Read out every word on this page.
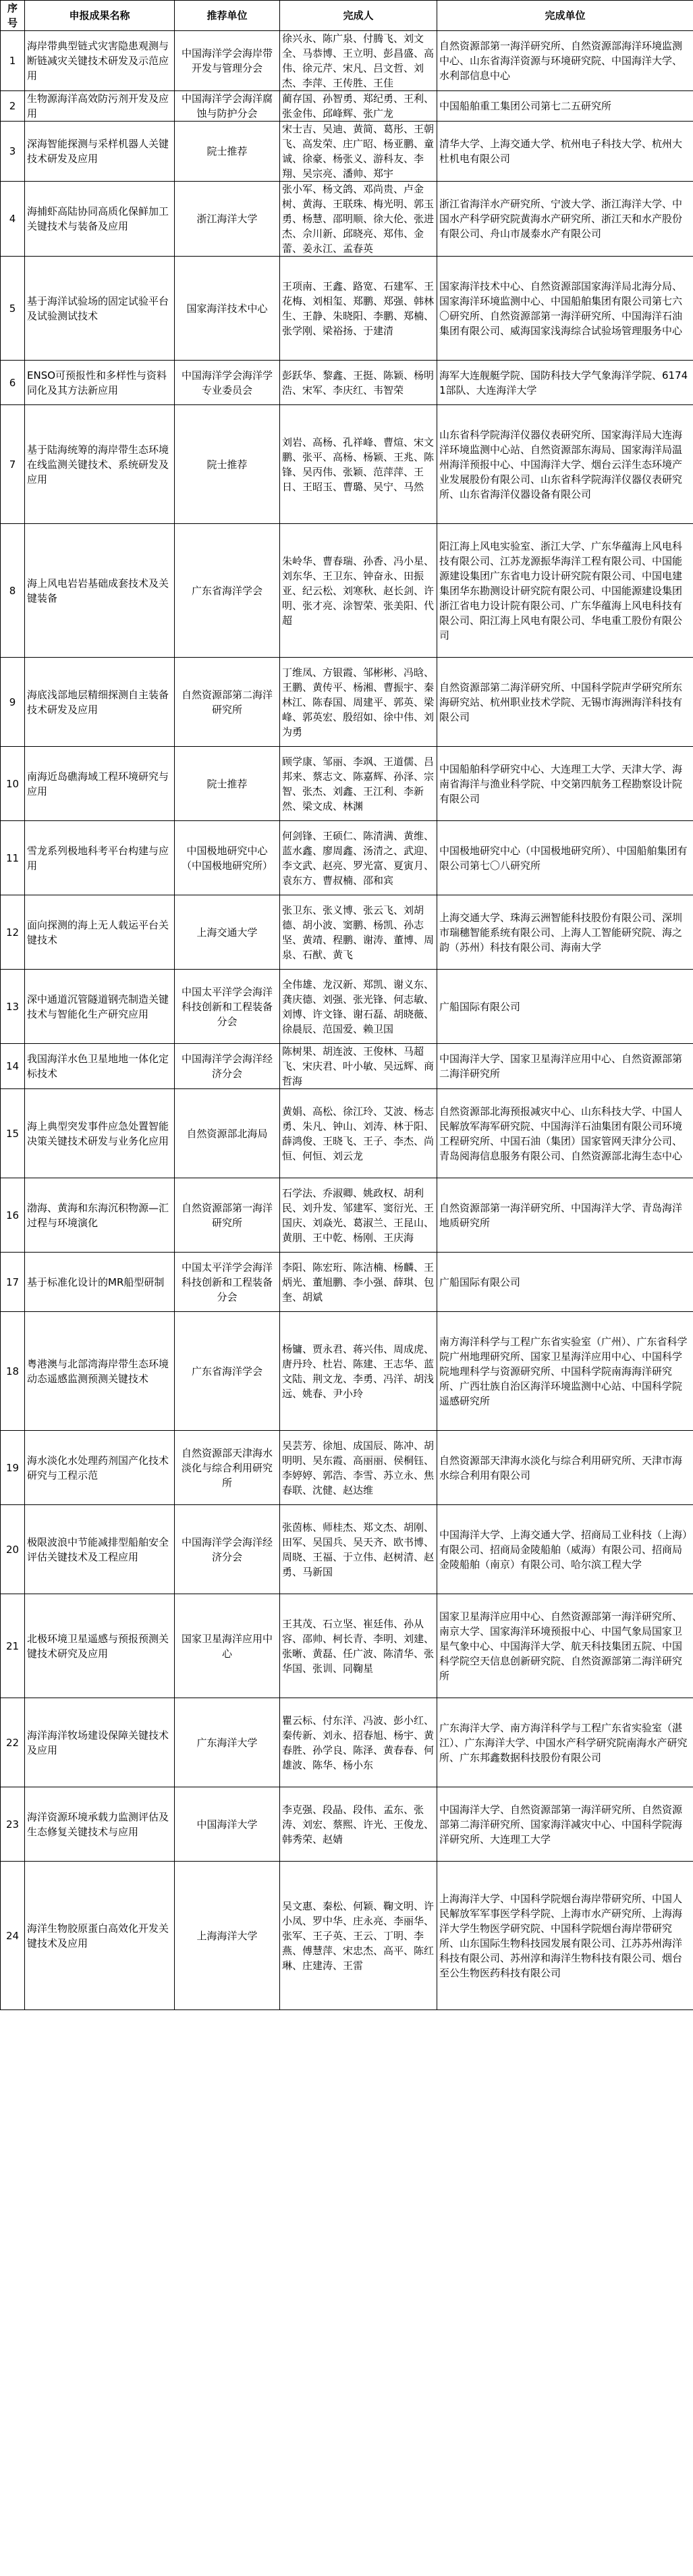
序号	申报成果名称	推荐单位	完成人	完成单位
1	海岸带典型链式灾害隐患观测与断链减灾关键技术研发及示范应用	中国海洋学会海岸带开发与管理分会	徐兴永、陈广泉、付腾飞、刘文全、马恭博、王立明、彭昌盛、高伟、徐元芹、宋凡、吕文哲、刘杰、李萍、王传胜、王佳	自然资源部第一海洋研究所、自然资源部海洋环境监测中心、山东省海洋资源与环境研究院、中国海洋大学、水利部信息中心
2	生物源海洋高效防污剂开发及应用	中国海洋学会海洋腐蚀与防护分会	蔺存国、孙智勇、郑纪勇、王利、张金伟、邱峰辉、张广龙	中国船舶重工集团公司第七二五研究所
3	深海智能探测与采样机器人关键技术研发及应用	院士推荐	宋士吉、吴迪、黄简、葛彤、王朝飞、高发荣、庄广昭、杨亚鹏、童诚、徐豪、杨张义、游科友、李翔、吴宗亮、潘帅、郑宇	清华大学、上海交通大学、杭州电子科技大学、杭州大杜机电有限公司
4	海捕虾高陆协同高质化保鲜加工关键技术与装备及应用	浙江海洋大学	张小军、杨文鸽、邓尚贵、卢金树、黄海、王联珠、梅光明、郭玉勇、杨慧、邵明顺、徐大伦、张进杰、佘川新、邱晓亮、郑伟、金蕾、姜永江、孟春英	浙江省海洋水产研究所、宁波大学、浙江海洋大学、中国水产科学研究院黄海水产研究所、浙江天和水产股份有限公司、舟山市晟泰水产有限公司
5	基于海洋试验场的固定试验平台及试验测试技术	国家海洋技术中心	王项南、王鑫、路宽、石建军、王花梅、刘相玺、郑鹏、郑强、韩林生、王静、朱晓阳、李鹏、郑楠、张学刚、梁裕扬、于建清	国家海洋技术中心、自然资源部国家海洋局北海分局、国家海洋环境监测中心、中国船舶集团有限公司第七六〇研究所、自然资源部第一海洋研究所、中国海洋石油集团有限公司、威海国家浅海综合试验场管理服务中心
6	ENSO可预报性和多样性与资料同化及其方法新应用	中国海洋学会海洋学专业委员会	彭跃华、黎鑫、王挺、陈颖、杨明浩、宋军、李庆红、韦智荣	海军大连舰艇学院、国防科技大学气象海洋学院、61741部队、大连海洋大学
7	基于陆海统筹的海岸带生态环境在线监测关键技术、系统研发及应用	院士推荐	刘岩、高杨、孔祥峰、曹煊、宋文鹏、张平、高杨、杨颖、王兆、陈锋、吴丙伟、张颖、范萍萍、王日、王昭玉、曹璐、吴宁、马然	山东省科学院海洋仪器仪表研究所、国家海洋局大连海洋环境监测中心站、自然资源部东海局、国家海洋局温州海洋预报中心、中国海洋大学、烟台云洋生态环境产业发展股份有限公司、山东省科学院海洋仪器仪表研究所、山东省海洋仪器设备有限公司
8	海上风电岩岩基础成套技术及关键装备	广东省海洋学会	朱岭华、曹春瑞、孙香、冯小星、刘东华、王卫东、钟奋永、田振亚、纪云松、刘寒秋、赵长剑、许明、张才亮、涂智荣、张美阳、代超	阳江海上风电实验室、浙江大学、广东华蕴海上风电科技有限公司、江苏龙源振华海洋工程有限公司、中国能源建设集团广东省电力设计研究院有限公司、中国电建集团华东勘测设计研究院有限公司、中国能源建设集团浙江省电力设计院有限公司、广东华蕴海上风电科技有限公司、阳江海上风电有限公司、华电重工股份有限公司
9	海底浅部地层精细探测自主装备技术研发及应用	自然资源部第二海洋研究所	丁维凤、方银霞、邹彬彬、冯晗、王鹏、黄传平、杨湘、曹振宇、秦林江、陈春国、周建平、郭英、梁峰、郭英宏、殷绍如、徐中伟、刘为勇	自然资源部第二海洋研究所、中国科学院声学研究所东海研究站、杭州职业技术学院、无锡市海洲海洋科技有限公司
10	南海近岛礁海域工程环境研究与应用	院士推荐	顾学康、邹丽、李飒、王道儒、吕邦来、蔡志文、陈嘉辉、孙泽、宗智、张杰、刘鑫、王江利、李新然、梁文成、林渊	中国船舶科学研究中心、大连理工大学、天津大学、海南省海洋与渔业科学院、中交第四航务工程勘察设计院有限公司
11	雪龙系列极地科考平台构建与应用	中国极地研究中心（中国极地研究所）	何剑锋、王硕仁、陈清满、黄维、蓝水鑫、廖周鑫、汤清之、武迎、李文武、赵亮、罗光富、夏寅月、袁东方、曹叔楠、邵和宾	中国极地研究中心（中国极地研究所）、中国船舶集团有限公司第七〇八研究所
12	面向探测的海上无人载运平台关键技术	上海交通大学	张卫东、张义博、张云飞、刘胡德、胡小波、窦鹏、杨凯、孙志坚、黄靖、程鹏、谢涛、董博、周泉、石猷、黄飞	上海交通大学、珠海云洲智能科技股份有限公司、深圳市瑞穗智能系统有限公司、上海人工智能研究院、海之韵（苏州）科技有限公司、海南大学
13	深中通道沉管隧道钢壳制造关键技术与智能化生产研究应用	中国太平洋学会海洋科技创新和工程装备分会	全伟雄、龙汉新、郑凯、谢义东、龚庆德、刘强、张光锋、何志敏、刘博、许文锋、谢石磊、胡晓薇、徐晨辰、范国爱、赖卫国	广船国际有限公司
14	我国海洋水色卫星地地一体化定标技术	中国海洋学会海洋经济分会	陈树果、胡连波、王俊林、马超飞、宋庆君、叶小敏、吴远辉、商哲海	中国海洋大学、国家卫星海洋应用中心、自然资源部第二海洋研究所
15	海上典型突发事件应急处置智能决策关键技术研发与业务化应用	自然资源部北海局	黄娟、高松、徐江玲、艾波、杨志勇、朱凡、钟山、刘涛、林于阳、薛鸿俊、王晓飞、王子、李杰、尚恒、何恒、刘云龙	自然资源部北海预报减灾中心、山东科技大学、中国人民解放军海军研究院、中国海洋石油集团有限公司环境工程研究所、中国石油（集团）国家管网天津分公司、青岛阅海信息服务有限公司、自然资源部北海生态中心
16	渤海、黄海和东海沉积物源—汇过程与环境演化	自然资源部第一海洋研究所	石学法、乔淑卿、姚政权、胡利民、刘升发、邹建军、窦衍光、王国庆、刘焱光、葛淑兰、王昆山、黄朋、王中乾、杨刚、王庆海	自然资源部第一海洋研究所、中国海洋大学、青岛海洋地质研究所
17	基于标准化设计的MR船型研制	中国太平洋学会海洋科技创新和工程装备分会	李阳、陈宏珩、陈洁楠、杨麟、王炳光、董旭鹏、李小强、薛琪、包奎、胡斌	广船国际有限公司
18	粤港澳与北部湾海岸带生态环境动态遥感监测预测关键技术	广东省海洋学会	杨镛、贾永君、蒋兴伟、周成虎、唐丹玲、杜岩、陈建、王志华、蓝文陆、荆文龙、李勇、冯洋、胡浅远、姚春、尹小玲	南方海洋科学与工程广东省实验室（广州）、广东省科学院广州地理研究所、国家卫星海洋应用中心、中国科学院地理科学与资源研究所、中国科学院南海海洋研究所、广西壮族自治区海洋环境监测中心站、中国科学院遥感研究所
19	海水淡化水处理药剂国产化技术研究与工程示范	自然资源部天津海水淡化与综合利用研究所	吴芸芳、徐旭、成国辰、陈冲、胡明明、吴东霞、高丽丽、侯桐钰、李婷婷、郭浩、李雪、苏立永、焦春联、沈健、赵达维	自然资源部天津海水淡化与综合利用研究所、天津市海水综合利用有限公司
20	极限波浪中节能减排型船舶安全评估关键技术及工程应用	中国海洋学会海洋经济分会	张茵栋、师桂杰、郑文杰、胡刚、田军、吴国兵、吴天齐、欧书博、周晓、王福、于立伟、赵树清、赵勇、马新国	中国海洋大学、上海交通大学、招商局工业科技（上海）有限公司、招商局金陵船舶（威海）有限公司、招商局金陵船舶（南京）有限公司、哈尔滨工程大学
21	北极环境卫星遥感与预报预测关键技术研究及应用	国家卫星海洋应用中心	王其茂、石立坚、崔廷伟、孙从容、邵帅、柯长青、李明、刘建、张晰、黄磊、任广波、陈清华、张华国、张训、同鞠星	国家卫星海洋应用中心、自然资源部第一海洋研究所、南京大学、国家海洋环境预报中心、中国气象局国家卫星气象中心、中国海洋大学、航天科技集团五院、中国科学院空天信息创新研究院、自然资源部第二海洋研究所
22	海洋海洋牧场建设保障关键技术及应用	广东海洋大学	瞿云标、付东洋、冯波、彭小红、秦传新、刘永、招春旭、杨宇、黄春胜、孙学良、陈泽、黄春春、何雄波、陈华、杨小东	广东海洋大学、南方海洋科学与工程广东省实验室（湛江）、广东海洋大学、中国水产科学研究院南海水产研究所、广东邦鑫数据科技股份有限公司
23	海洋资源环境承载力监测评估及生态修复关键技术与应用	中国海洋大学	李克强、段晶、段伟、孟东、张涛、刘宏、蔡熙、许光、王俊龙、韩秀荣、赵婧	中国海洋大学、自然资源部第一海洋研究所、自然资源部第二海洋研究所、国家海洋减灾中心、中国科学院海洋研究所、大连理工大学
24	海洋生物胶原蛋白高效化开发关键技术及应用	上海海洋大学	吴文惠、秦松、何颖、鞠文明、许小凤、罗中华、庄永亮、李丽华、张军、王子英、王云、丁明、李燕、傅慧萍、宋忠杰、高平、陈红琳、庄建涛、王雷	上海海洋大学、中国科学院烟台海岸带研究所、中国人民解放军军事医学科学院、上海市水产研究所、上海海洋大学生物医学研究院、中国科学院烟台海岸带研究所、山东国际生物科技园发展有限公司、江苏苏州海洋科技有限公司、苏州淳和海洋生物科技有限公司、烟台至公生物医药科技有限公司
